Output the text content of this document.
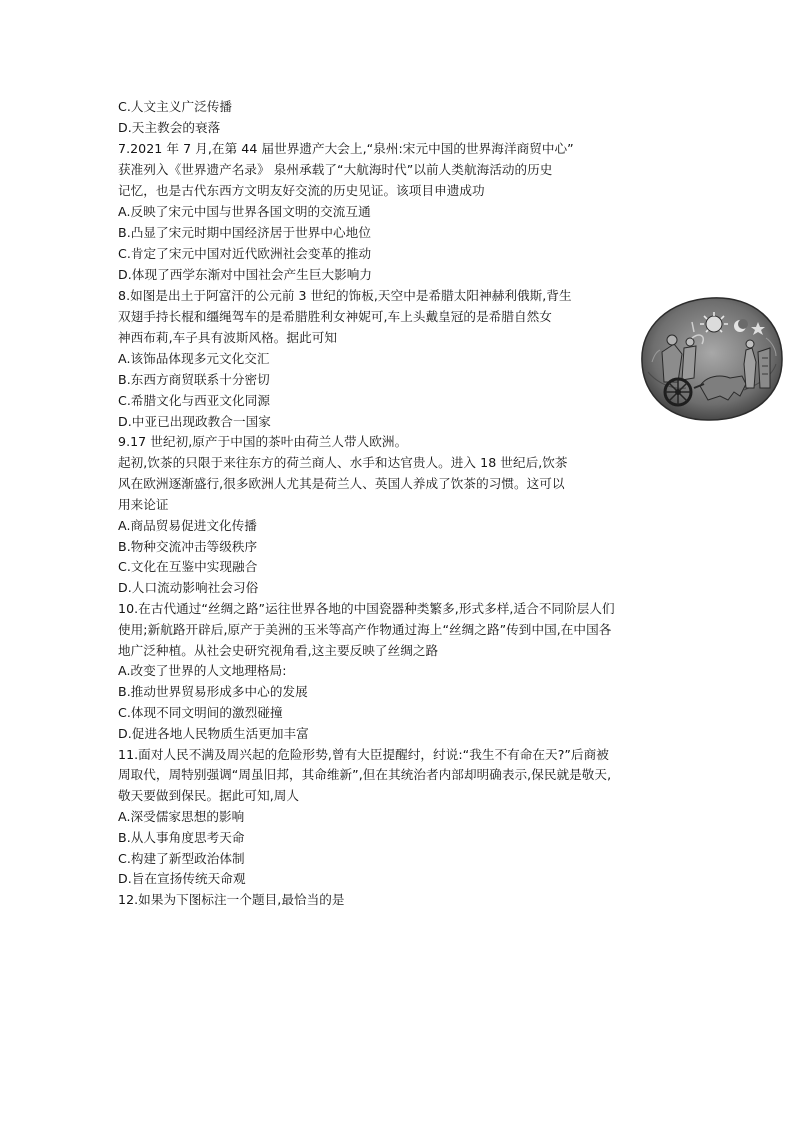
C.人文主义广泛传播
D.天主教会的衰落
7.2021 年 7 月,在第 44 届世界遗产大会上,“泉州:宋元中国的世界海洋商贸中心”
获准列入《世界遗产名录》 泉州承载了“大航海时代”以前人类航海活动的历史
记忆，也是古代东西方文明友好交流的历史见证。该项目申遗成功
A.反映了宋元中国与世界各国文明的交流互通
B.凸显了宋元时期中国经济居于世界中心地位
C.肯定了宋元中国对近代欧洲社会变革的推动
D.体现了西学东渐对中国社会产生巨大影响力
8.如图是出土于阿富汗的公元前 3 世纪的饰板,天空中是希腊太阳神赫利俄斯,背生
双翅手持长棍和缰绳驾车的是希腊胜利女神妮可,车上头戴皇冠的是希腊自然女
神西布莉,车子具有波斯风格。据此可知
A.该饰品体现多元文化交汇
B.东西方商贸联系十分密切
C.希腊文化与西亚文化同源
D.中亚已出现政教合一国家
9.17 世纪初,原产于中国的茶叶由荷兰人带人欧洲。
起初,饮茶的只限于来往东方的荷兰商人、水手和达官贵人。进入 18 世纪后,饮茶
风在欧洲逐渐盛行,很多欧洲人尤其是荷兰人、英国人养成了饮茶的习惯。这可以
用来论证
A.商品贸易促进文化传播
B.物种交流冲击等级秩序
C.文化在互鉴中实现融合
D.人口流动影响社会习俗
10.在古代通过“丝绸之路”运往世界各地的中国瓷器种类繁多,形式多样,适合不同阶层人们
使用;新航路开辟后,原产于美洲的玉米等高产作物通过海上“丝绸之路”传到中国,在中国各
地广泛种植。从社会史研究视角看,这主要反映了丝绸之路
A.改变了世界的人文地理格局:
B.推动世界贸易形成多中心的发展
C.体现不同文明间的激烈碰撞
D.促进各地人民物质生活更加丰富
11.面对人民不满及周兴起的危险形势,曾有大臣提醒纣，纣说:“我生不有命在天?”后商被
周取代，周特别强调“周虽旧邦，其命维新”,但在其统治者内部却明确表示,保民就是敬天,
敬天要做到保民。据此可知,周人
A.深受儒家思想的影响
B.从人事角度思考天命
C.构建了新型政治体制
D.旨在宣扬传统天命观
12.如果为下图标注一个题目,最恰当的是
